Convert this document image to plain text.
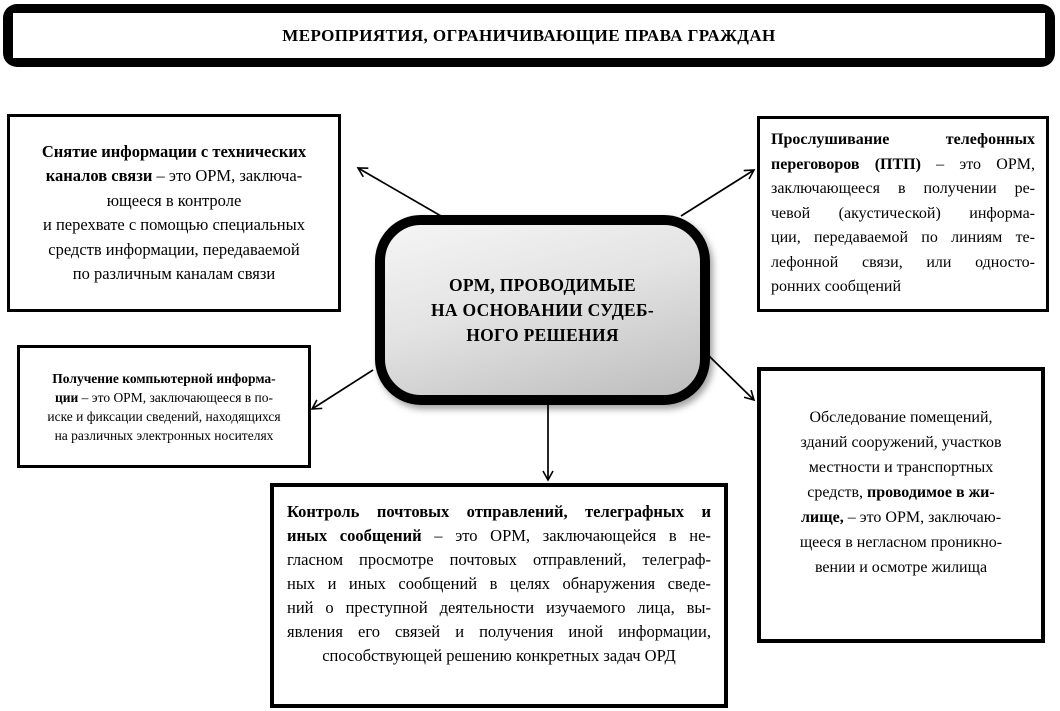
МЕРОПРИЯТИЯ, ОГРАНИЧИВАЮЩИЕ ПРАВА ГРАЖДАН
Снятие информации с технических
каналов связи – это ОРМ, заключа-
ющееся в контроле
и перехвате с помощью специальных
средств информации, передаваемой
по различным каналам связи
Прослушивание	телефонных
переговоров (ПТП) – это ОРМ,
заключающееся в получении ре-
чевой (акустической) информа-
ции, передаваемой по линиям те-
лефонной связи, или односто-
ронних сообщений
Получение компьютерной информа-
ции – это ОРМ, заключающееся в по-
иске и фиксации сведений, находящихся
на различных электронных носителях
Обследование помещений,
зданий сооружений, участков
местности и транспортных
средств, проводимое в жи-
лище, – это ОРМ, заключаю-
щееся в негласном проникно-
вении и осмотре жилища
Контроль почтовых отправлений, телеграфных и
иных сообщений – это ОРМ, заключающейся в не-
гласном просмотре почтовых отправлений, телеграф-
ных и иных сообщений в целях обнаружения сведе-
ний о преступной деятельности изучаемого лица, вы-
явления его связей и получения иной информации,
способствующей решению конкретных задач ОРД
ОРМ, ПРОВОДИМЫЕ
НА ОСНОВАНИИ СУДЕБ-
НОГО РЕШЕНИЯ
